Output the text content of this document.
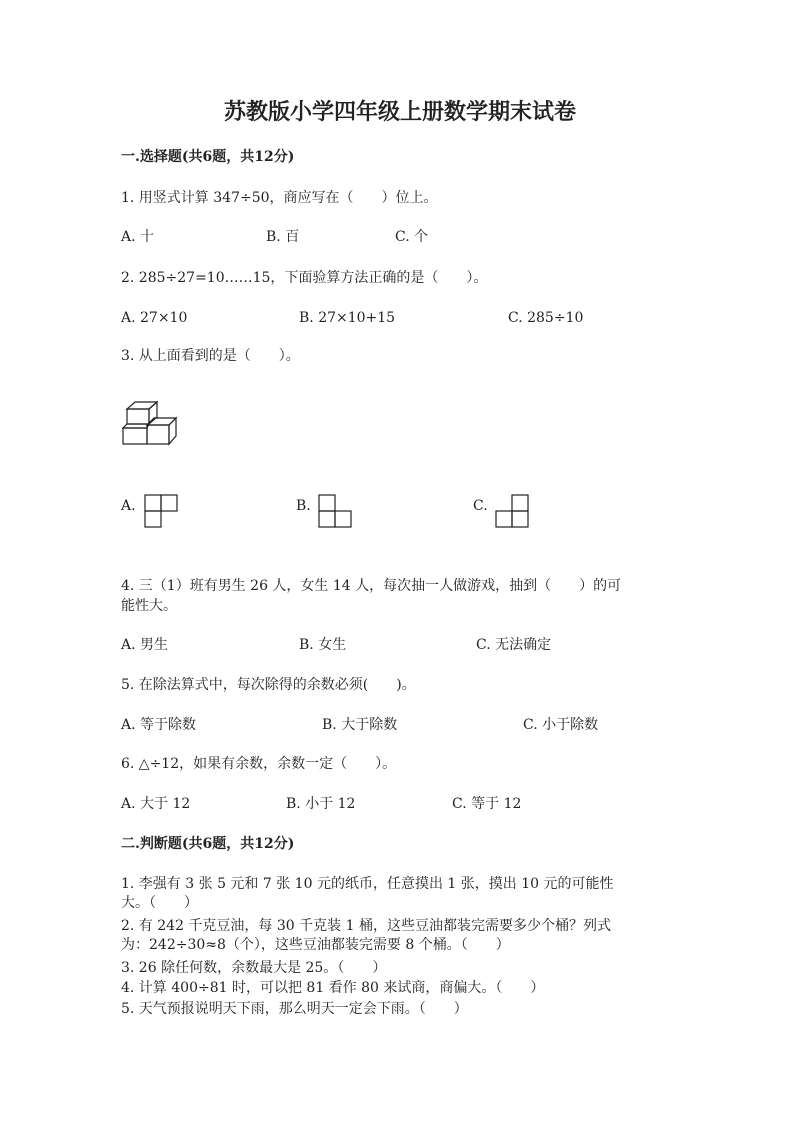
苏教版小学四年级上册数学期末试卷
一.选择题(共6题，共12分)
1. 用竖式计算 347÷50，商应写在（　　）位上。
A. 十	B. 百	C. 个
2. 285÷27=10……15，下面验算方法正确的是（　　）。
A. 27×10	B. 27×10+15	C. 285÷10
3. 从上面看到的是（　　）。
A.	B.	C.
4. 三（1）班有男生 26 人，女生 14 人，每次抽一人做游戏，抽到（　　）的可
能性大。
A. 男生	B. 女生	C. 无法确定
5. 在除法算式中，每次除得的余数必须(　　)。
A. 等于除数	B. 大于除数	C. 小于除数
6. △÷12，如果有余数，余数一定（　　）。
A. 大于 12	B. 小于 12	C. 等于 12
二.判断题(共6题，共12分)
1. 李强有 3 张 5 元和 7 张 10 元的纸币，任意摸出 1 张，摸出 10 元的可能性
大。（　　）
2. 有 242 千克豆油，每 30 千克装 1 桶，这些豆油都装完需要多少个桶？列式
为：242÷30≈8（个），这些豆油都装完需要 8 个桶。（　　）
3. 26 除任何数，余数最大是 25。（　　）
4. 计算 400÷81 时，可以把 81 看作 80 来试商，商偏大。（　　）
5. 天气预报说明天下雨，那么明天一定会下雨。（　　）
